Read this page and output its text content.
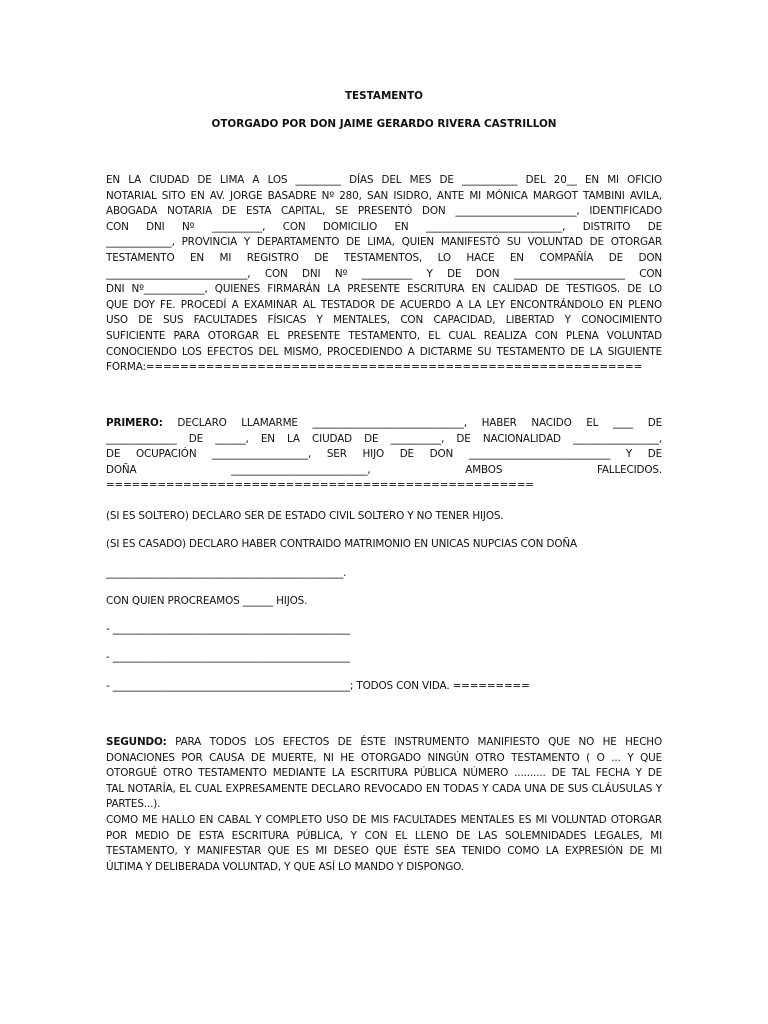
TESTAMENTO
OTORGADO POR DON JAIME GERARDO RIVERA CASTRILLON
EN LA CIUDAD DE LIMA A LOS _________ DÍAS DEL MES DE ___________ DEL 20__ EN MI OFICIO
NOTARIAL SITO EN AV. JORGE BASADRE Nº 280, SAN ISIDRO, ANTE MI MÓNICA MARGOT TAMBINI AVILA,
ABOGADA NOTARIA DE ESTA CAPITAL, SE PRESENTÓ DON ________________________, IDENTIFICADO
CON DNI Nº __________, CON DOMICILIO EN ___________________________, DISTRITO DE
_____________, PROVINCIA Y DEPARTAMENTO DE LIMA, QUIEN MANIFESTÓ SU VOLUNTAD DE OTORGAR
TESTAMENTO EN MI REGISTRO DE TESTAMENTOS, LO HACE EN COMPAÑÍA DE DON
____________________________, CON DNI Nº __________ Y DE DON ______________________ CON
DNI Nº____________, QUIENES FIRMARÁN LA PRESENTE ESCRITURA EN CALIDAD DE TESTIGOS. DE LO
QUE DOY FE. PROCEDÍ A EXAMINAR AL TESTADOR DE ACUERDO A LA LEY ENCONTRÁNDOLO EN PLENO
USO DE SUS FACULTADES FÍSICAS Y MENTALES, CON CAPACIDAD, LIBERTAD Y CONOCIMIENTO
SUFICIENTE PARA OTORGAR EL PRESENTE TESTAMENTO, EL CUAL REALIZA CON PLENA VOLUNTAD
CONOCIENDO LOS EFECTOS DEL MISMO, PROCEDIENDO A DICTARME SU TESTAMENTO DE LA SIGUIENTE
FORMA:==========================================================
PRIMERO: DECLARO LLAMARME ______________________________, HABER NACIDO EL ____ DE
______________ DE ______, EN LA CIUDAD DE __________, DE NACIONALIDAD _________________,
DE OCUPACIÓN ___________________, SER HIJO DE DON ____________________________ Y DE
DOÑA ___________________________, AMBOS FALLECIDOS.
==================================================
(SI ES SOLTERO) DECLARO SER DE ESTADO CIVIL SOLTERO Y NO TENER HIJOS.
(SI ES CASADO) DECLARO HABER CONTRAIDO MATRIMONIO EN UNICAS NUPCIAS CON DOÑA
_______________________________________________.
CON QUIEN PROCREAMOS ______ HIJOS.
- _______________________________________________
- _______________________________________________
- _______________________________________________; TODOS CON VIDA. =========
SEGUNDO: PARA TODOS LOS EFECTOS DE ÉSTE INSTRUMENTO MANIFIESTO QUE NO HE HECHO
DONACIONES POR CAUSA DE MUERTE, NI HE OTORGADO NINGÚN OTRO TESTAMENTO ( O ... Y QUE
OTORGUÉ OTRO TESTAMENTO MEDIANTE LA ESCRITURA PÚBLICA NÚMERO .......... DE TAL FECHA Y DE
TAL NOTARÍA, EL CUAL EXPRESAMENTE DECLARO REVOCADO EN TODAS Y CADA UNA DE SUS CLÁUSULAS Y
PARTES...).
COMO ME HALLO EN CABAL Y COMPLETO USO DE MIS FACULTADES MENTALES ES MI VOLUNTAD OTORGAR
POR MEDIO DE ESTA ESCRITURA PÚBLICA, Y CON EL LLENO DE LAS SOLEMNIDADES LEGALES, MI
TESTAMENTO, Y MANIFESTAR QUE ES MI DESEO QUE ÉSTE SEA TENIDO COMO LA EXPRESIÓN DE MI
ÚLTIMA Y DELIBERADA VOLUNTAD, Y QUE ASÍ LO MANDO Y DISPONGO.
